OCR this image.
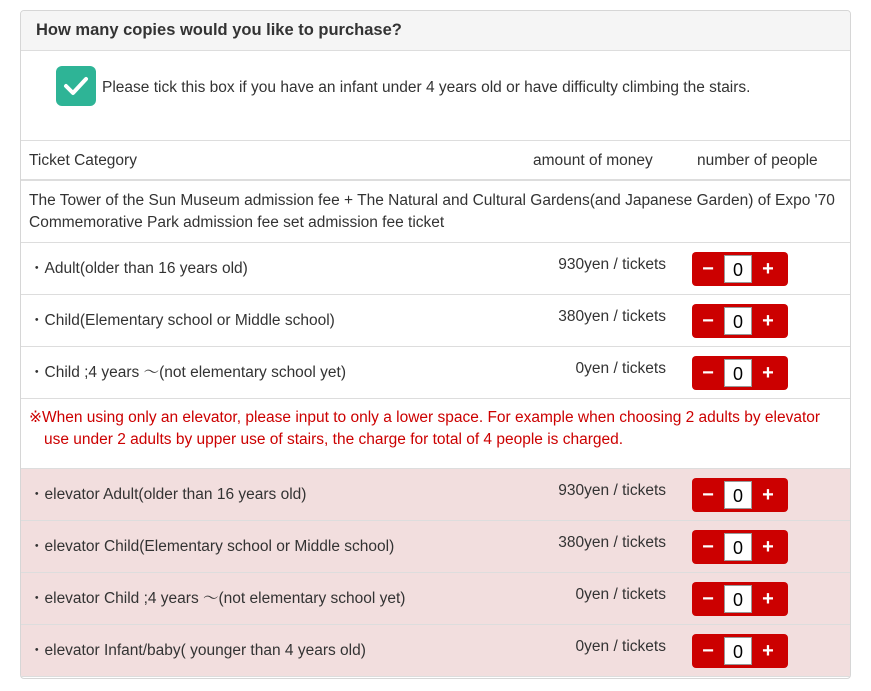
How many copies would you like to purchase?
Please tick this box if you have an infant under 4 years old or have difficulty climbing the stairs.
Ticket Category	amount of money	number of people
The Tower of the Sun Museum admission fee + The Natural and Cultural Gardens(and Japanese Garden) of Expo '70 Commemorative Park admission fee set admission fee ticket
・Adult(older than 16 years old)	930yen / tickets	−	0 +
・Child(Elementary school or Middle school)	380yen / tickets	−	0 +
・Child ;4 years 〜(not elementary school yet)	0yen / tickets	−	0 +
※When using only an elevator, please input to only a lower space. For example when choosing 2 adults by elevator use under 2 adults by upper use of stairs, the charge for total of 4 people is charged.
・elevator Adult(older than 16 years old)	930yen / tickets	−	0 +
・elevator Child(Elementary school or Middle school)	380yen / tickets	−	0 +
・elevator Child ;4 years 〜(not elementary school yet)	0yen / tickets	−	0 +
・elevator Infant/baby( younger than 4 years old)	0yen / tickets	−	0 +
